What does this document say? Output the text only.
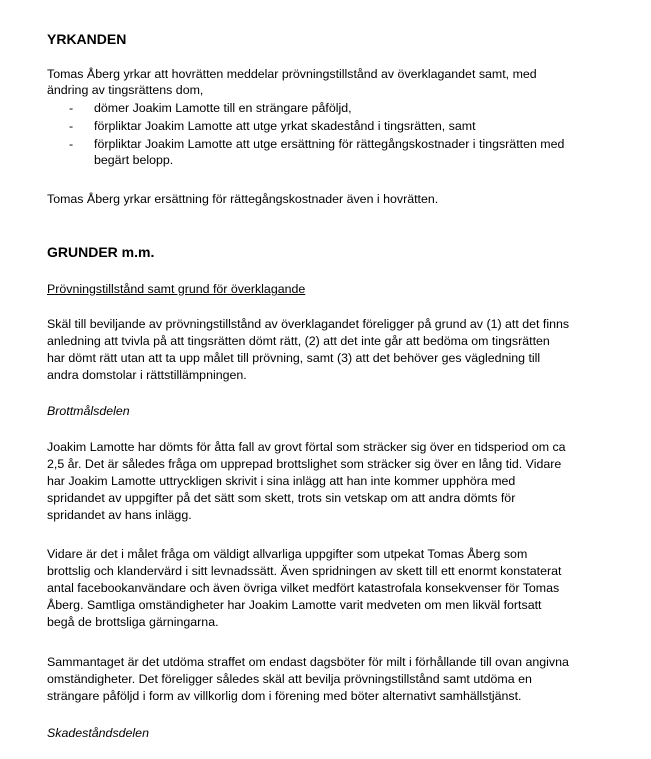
YRKANDEN
Tomas Åberg yrkar att hovrätten meddelar prövningstillstånd av överklagandet samt, med
ändring av tingsrättens dom,
- dömer Joakim Lamotte till en strängare påföljd,
- förpliktar Joakim Lamotte att utge yrkat skadestånd i tingsrätten, samt
- förpliktar Joakim Lamotte att utge ersättning för rättegångskostnader i tingsrätten med
begärt belopp.
Tomas Åberg yrkar ersättning för rättegångskostnader även i hovrätten.
GRUNDER m.m.
Prövningstillstånd samt grund för överklagande
Skäl till beviljande av prövningstillstånd av överklagandet föreligger på grund av (1) att det finns
anledning att tvivla på att tingsrätten dömt rätt, (2) att det inte går att bedöma om tingsrätten
har dömt rätt utan att ta upp målet till prövning, samt (3) att det behöver ges vägledning till
andra domstolar i rättstillämpningen.
Brottmålsdelen
Joakim Lamotte har dömts för åtta fall av grovt förtal som sträcker sig över en tidsperiod om ca
2,5 år. Det är således fråga om upprepad brottslighet som sträcker sig över en lång tid. Vidare
har Joakim Lamotte uttryckligen skrivit i sina inlägg att han inte kommer upphöra med
spridandet av uppgifter på det sätt som skett, trots sin vetskap om att andra dömts för
spridandet av hans inlägg.
Vidare är det i målet fråga om väldigt allvarliga uppgifter som utpekat Tomas Åberg som
brottslig och klandervärd i sitt levnadssätt. Även spridningen av skett till ett enormt konstaterat
antal facebookanvändare och även övriga vilket medfört katastrofala konsekvenser för Tomas
Åberg. Samtliga omständigheter har Joakim Lamotte varit medveten om men likväl fortsatt
begå de brottsliga gärningarna.
Sammantaget är det utdöma straffet om endast dagsböter för milt i förhållande till ovan angivna
omständigheter. Det föreligger således skäl att bevilja prövningstillstånd samt utdöma en
strängare påföljd i form av villkorlig dom i förening med böter alternativt samhällstjänst.
Skadeståndsdelen
